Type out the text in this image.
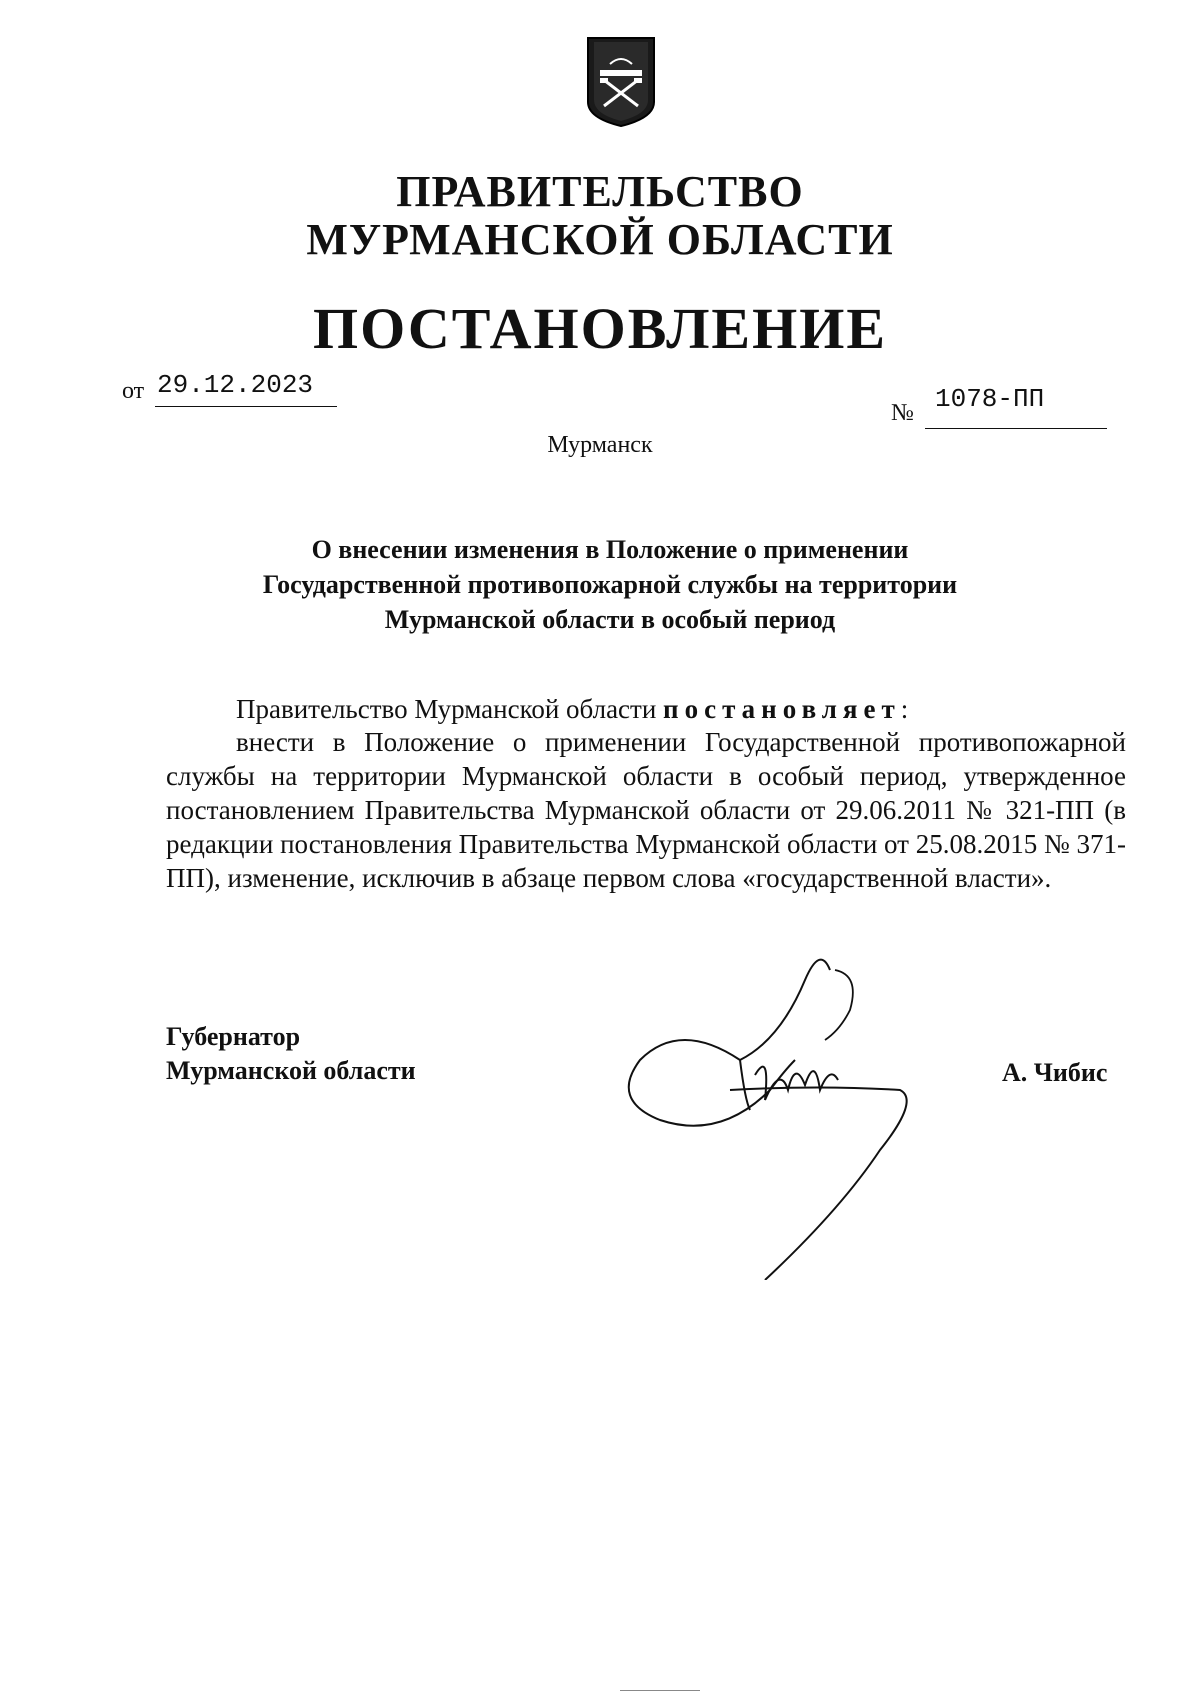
ПРАВИТЕЛЬСТВО
МУРМАНСКОЙ ОБЛАСТИ
ПОСТАНОВЛЕНИЕ
от 29.12.2023
№ 1078-ПП
Мурманск
О внесении изменения в Положение о применении
Государственной противопожарной службы на территории
Мурманской области в особый период
Правительство Мурманской области постановляет:
внести в Положение о применении Государственной противопожарной службы на территории Мурманской области в особый период, утвержденное постановлением Правительства Мурманской области от 29.06.2011 № 321-ПП (в редакции постановления Правительства Мурманской области от 25.08.2015 № 371-ПП), изменение, исключив в абзаце первом слова «государственной власти».
Губернатор
Мурманской области	А. Чибис
